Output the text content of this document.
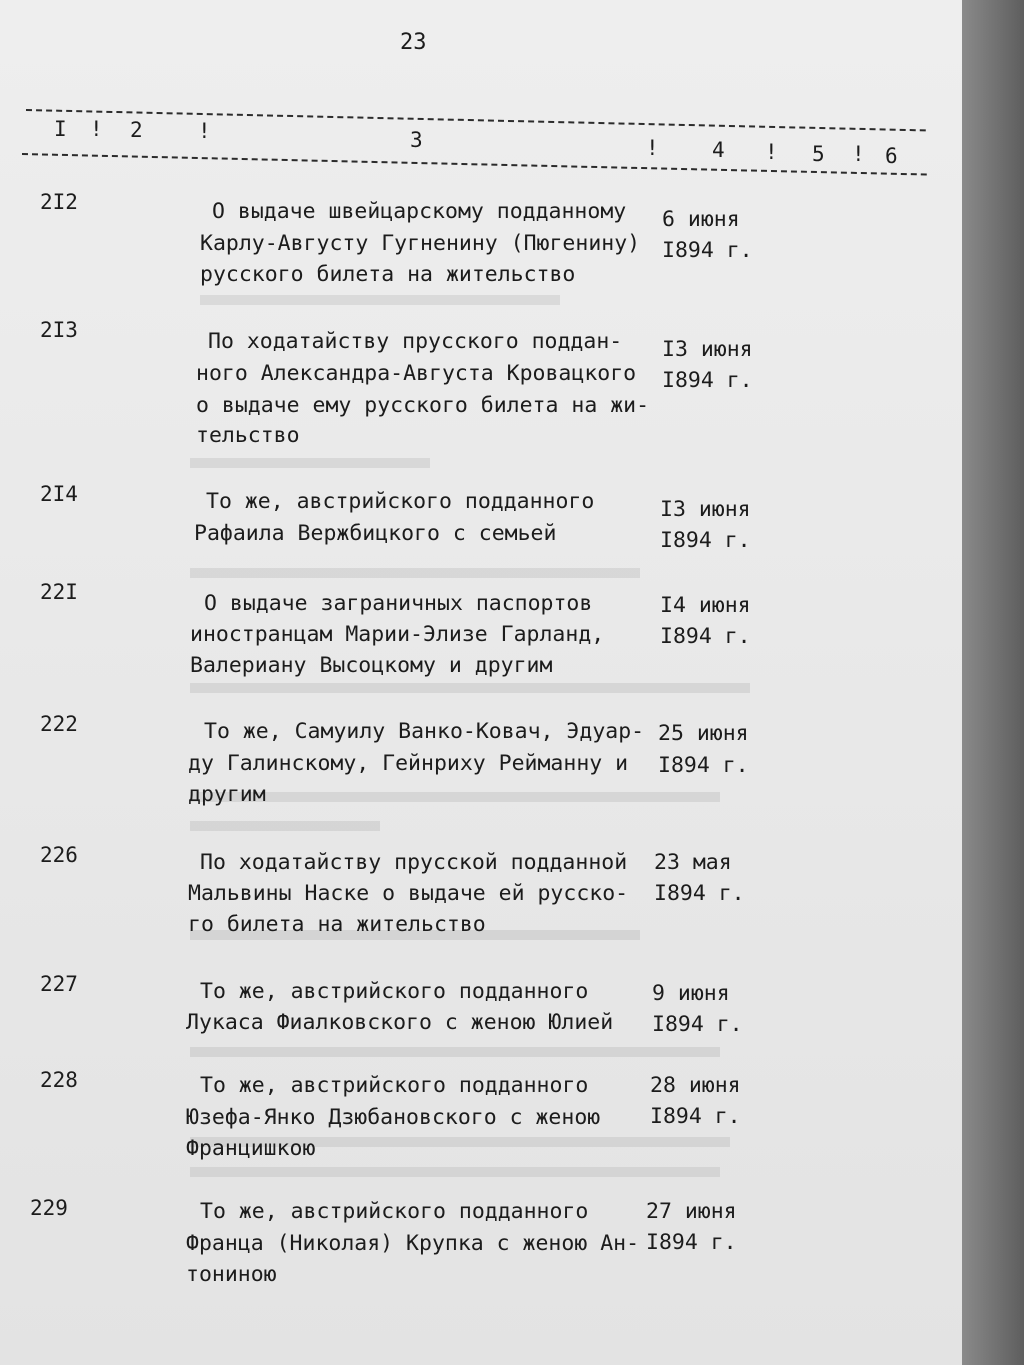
23
I ! 2	!	3	!	4 ! 5 ! 6
2I2	О выдаче швейцарскому подданному
Карлу-Августу Гугненину (Пюгенину)
русского билета на жительство
6 июня
I894 г.
2I3	По ходатайству прусского поддан-
ного Александра-Августа Кровацкого
о выдаче ему русского билета на жи-
тельство
I3 июня
I894 г.
2I4	То же, австрийского подданного
Рафаила Вержбицкого с семьей
I3 июня
I894 г.
22I	О выдаче заграничных паспортов
иностранцам Марии-Элизе Гарланд,
Валериану Высоцкому и другим
I4 июня
I894 г.
222	То же, Самуилу Ванко-Ковач, Эдуар-
ду Галинскому, Гейнриху Рейманну и
другим
25 июня
I894 г.
226	По ходатайству прусской подданной
Мальвины Наске о выдаче ей русско-
го билета на жительство
23 мая
I894 г.
227	То же, австрийского подданного
Лукаса Фиалковского с женою Юлией
9 июня
I894 г.
228	То же, австрийского подданного
Юзефа-Янко Дзюбановского с женою
Францишкою
28 июня
I894 г.
229	То же, австрийского подданного
Франца (Николая) Крупка с женою Ан-
тониною
27 июня
I894 г.
